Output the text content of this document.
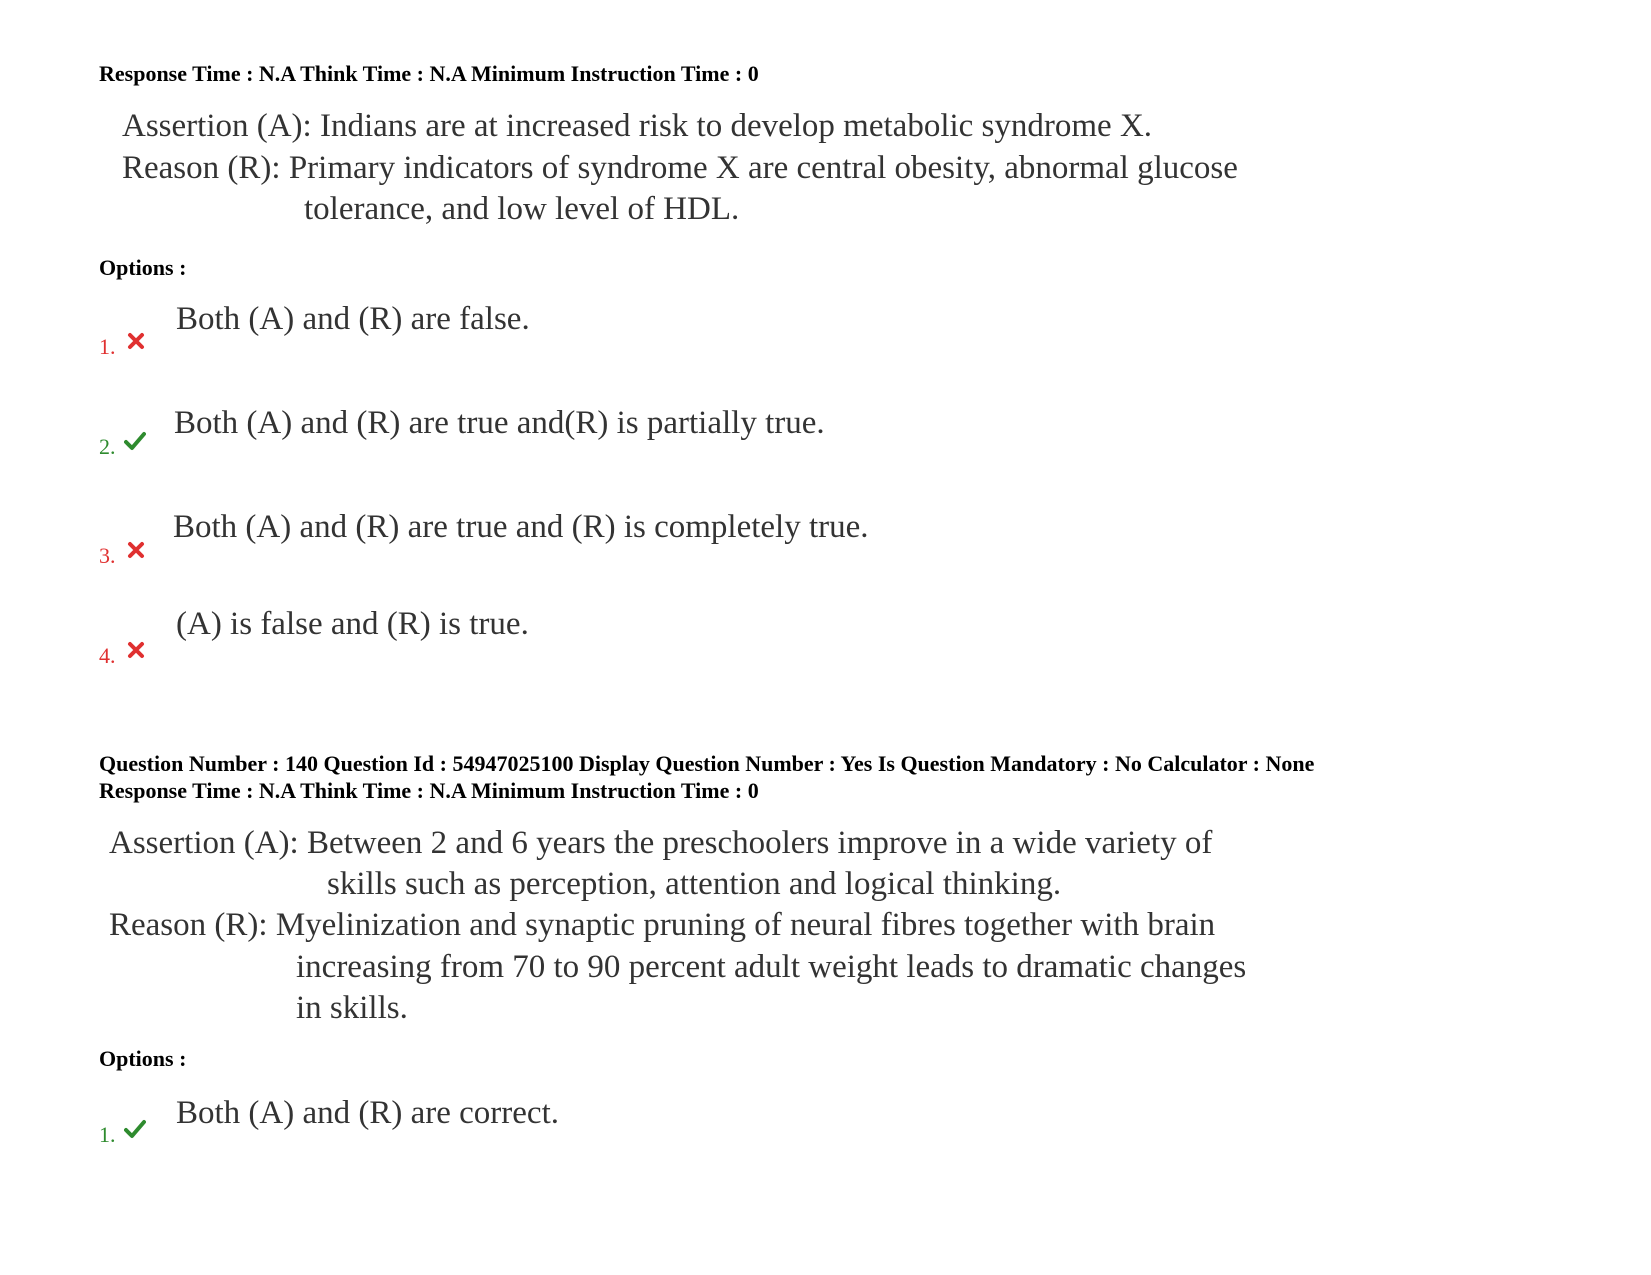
Response Time : N.A Think Time : N.A Minimum Instruction Time : 0
Assertion (A): Indians are at increased risk to develop metabolic syndrome X.
Reason (R): Primary indicators of syndrome X are central obesity, abnormal glucose
tolerance, and low level of HDL.
Options :
1.
Both (A) and (R) are false.
2.
Both (A) and (R) are true and(R) is partially true.
3.
Both (A) and (R) are true and (R) is completely true.
4.
(A) is false and (R) is true.
Question Number : 140 Question Id : 54947025100 Display Question Number : Yes Is Question Mandatory : No Calculator : None
Response Time : N.A Think Time : N.A Minimum Instruction Time : 0
Assertion (A): Between 2 and 6 years the preschoolers improve in a wide variety of
skills such as perception, attention and logical thinking.
Reason (R): Myelinization and synaptic pruning of neural fibres together with brain
increasing from 70 to 90 percent adult weight leads to dramatic changes
in skills.
Options :
1.
Both (A) and (R) are correct.
